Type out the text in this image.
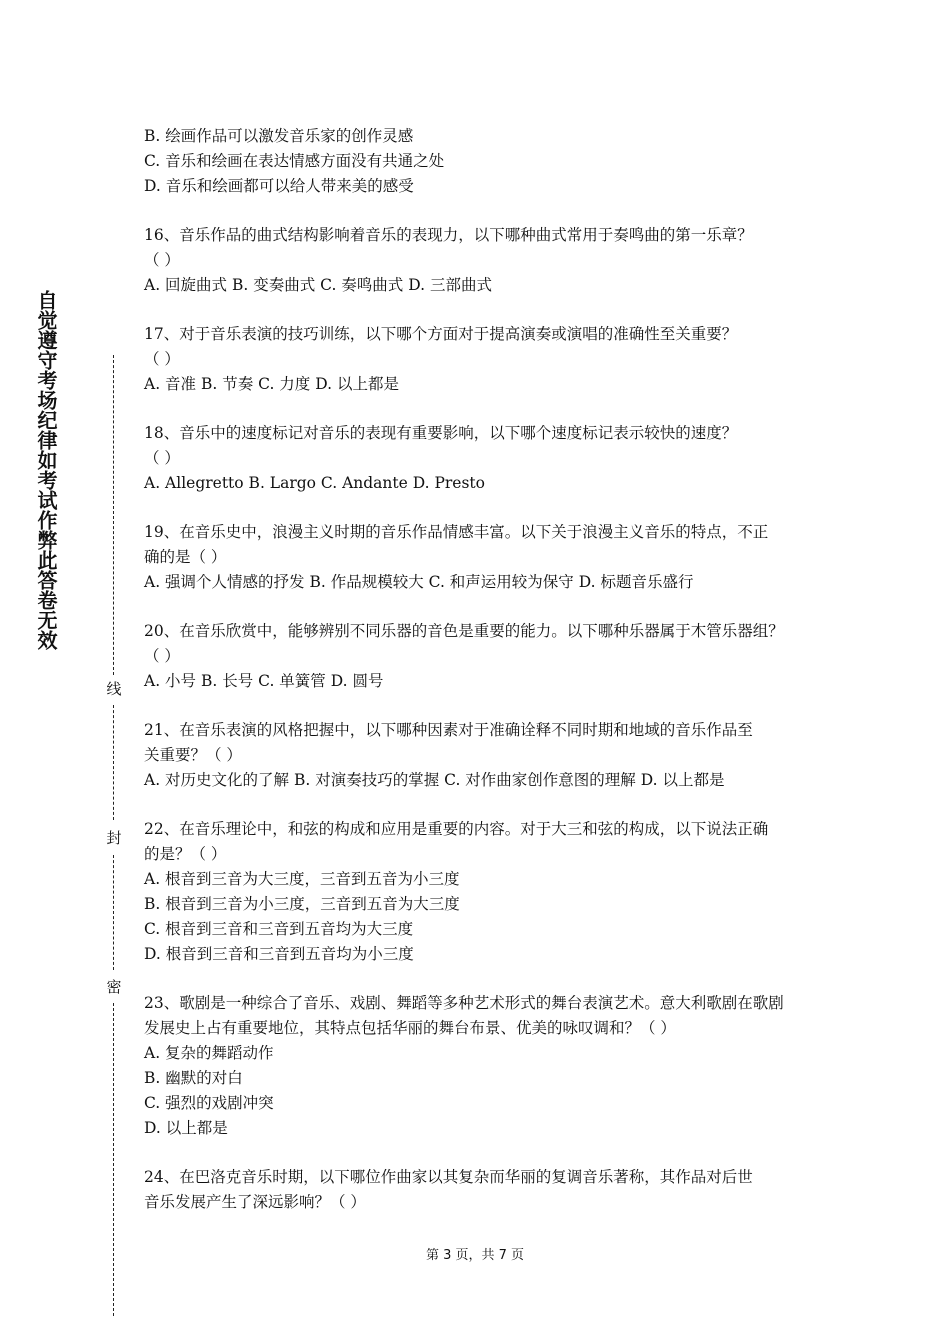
自觉遵守考场纪律如考试作弊此答卷无效
线
封
密

B. 绘画作品可以激发音乐家的创作灵感

C. 音乐和绘画在表达情感方面没有共通之处

D. 音乐和绘画都可以给人带来美的感受

16、音乐作品的曲式结构影响着音乐的表现力，以下哪种曲式常用于奏鸣曲的第一乐章？

（ ）

A. 回旋曲式 B. 变奏曲式 C. 奏鸣曲式 D. 三部曲式

17、对于音乐表演的技巧训练，以下哪个方面对于提高演奏或演唱的准确性至关重要？

（ ）

A. 音准 B. 节奏 C. 力度 D. 以上都是

18、音乐中的速度标记对音乐的表现有重要影响，以下哪个速度标记表示较快的速度？

（ ）

A. Allegretto B. Largo C. Andante D. Presto

19、在音乐史中，浪漫主义时期的音乐作品情感丰富。以下关于浪漫主义音乐的特点，不正

确的是（ ）

A. 强调个人情感的抒发 B. 作品规模较大 C. 和声运用较为保守 D. 标题音乐盛行

20、在音乐欣赏中，能够辨别不同乐器的音色是重要的能力。以下哪种乐器属于木管乐器组？

（ ）

A. 小号 B. 长号 C. 单簧管 D. 圆号

21、在音乐表演的风格把握中，以下哪种因素对于准确诠释不同时期和地域的音乐作品至

关重要？（ ）

A. 对历史文化的了解 B. 对演奏技巧的掌握 C. 对作曲家创作意图的理解 D. 以上都是

22、在音乐理论中，和弦的构成和应用是重要的内容。对于大三和弦的构成，以下说法正确

的是？（ ）

A. 根音到三音为大三度，三音到五音为小三度

B. 根音到三音为小三度，三音到五音为大三度

C. 根音到三音和三音到五音均为大三度

D. 根音到三音和三音到五音均为小三度

23、歌剧是一种综合了音乐、戏剧、舞蹈等多种艺术形式的舞台表演艺术。意大利歌剧在歌剧

发展史上占有重要地位，其特点包括华丽的舞台布景、优美的咏叹调和？（ ）

A. 复杂的舞蹈动作

B. 幽默的对白

C. 强烈的戏剧冲突

D. 以上都是

24、在巴洛克音乐时期，以下哪位作曲家以其复杂而华丽的复调音乐著称，其作品对后世

音乐发展产生了深远影响？（ ）

第 3 页，共 7 页
